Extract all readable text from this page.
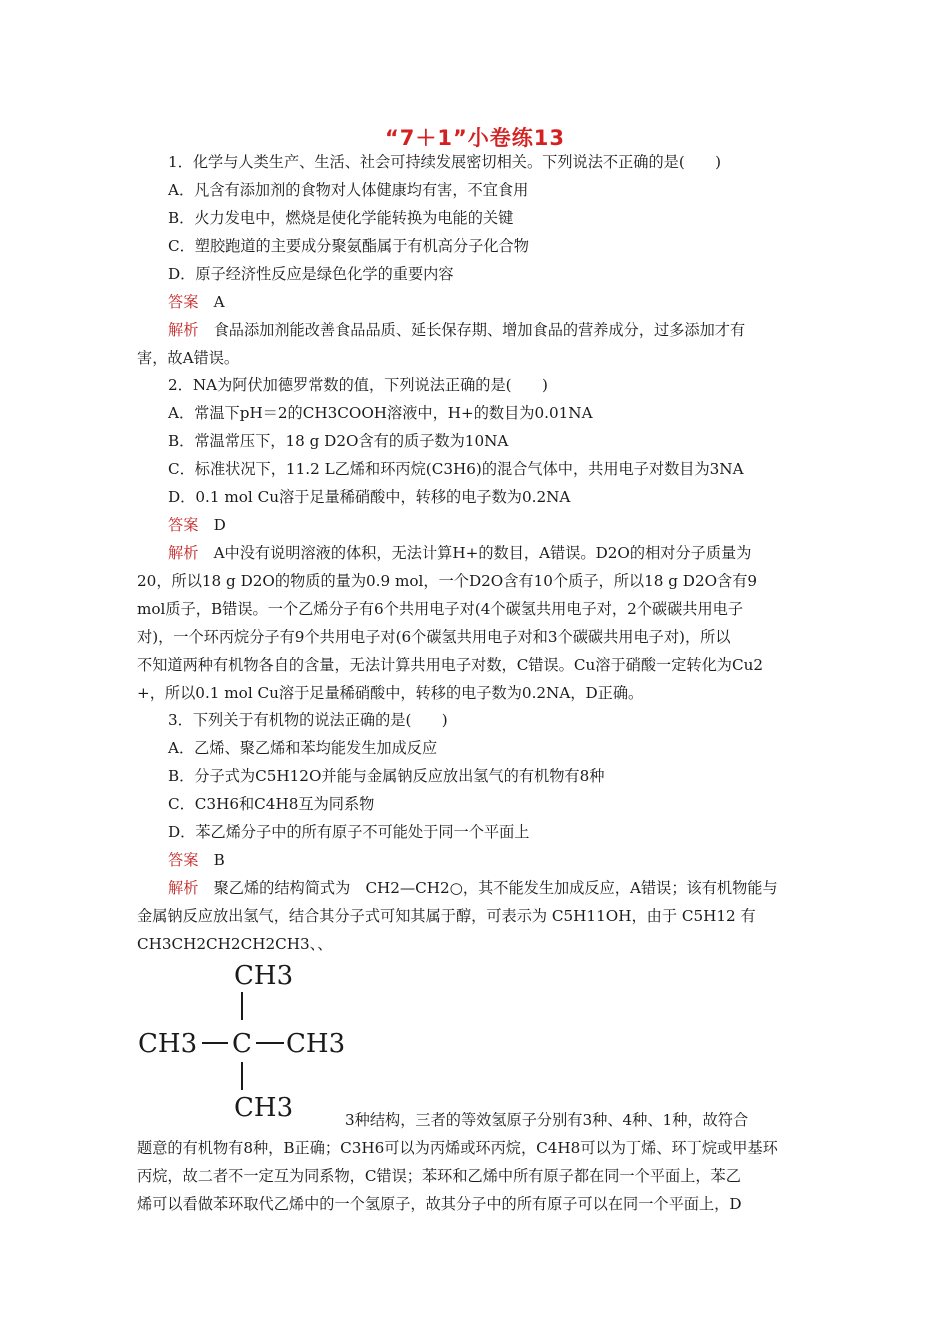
“7＋1”小卷练13
1．化学与人类生产、生活、社会可持续发展密切相关。下列说法不正确的是(　　)
A．凡含有添加剂的食物对人体健康均有害，不宜食用
B．火力发电中，燃烧是使化学能转换为电能的关键
C．塑胶跑道的主要成分聚氨酯属于有机高分子化合物
D．原子经济性反应是绿色化学的重要内容
答案　 A
解析　 食品添加剂能改善食品品质、延长保存期、增加食品的营养成分，过多添加才有
害，故A错误。
2．NA为阿伏加德罗常数的值，下列说法正确的是(　　)
A．常温下pH＝2的CH3COOH溶液中，H+的数目为0.01NA
B．常温常压下，18 g D2O含有的质子数为10NA
C．标准状况下，11.2 L乙烯和环丙烷(C3H6)的混合气体中，共用电子对数目为3NA
D．0.1 mol Cu溶于足量稀硝酸中，转移的电子数为0.2NA
答案　 D
解析　 A中没有说明溶液的体积，无法计算H+的数目，A错误。D2O的相对分子质量为
20，所以18 g D2O的物质的量为0.9 mol，一个D2O含有10个质子，所以18 g D2O含有9
mol质子，B错误。一个乙烯分子有6个共用电子对(4个碳氢共用电子对，2个碳碳共用电子
对)，一个环丙烷分子有9个共用电子对(6个碳氢共用电子对和3个碳碳共用电子对)，所以
不知道两种有机物各自的含量，无法计算共用电子对数，C错误。Cu溶于硝酸一定转化为Cu2
+，所以0.1 mol Cu溶于足量稀硝酸中，转移的电子数为0.2NA，D正确。
3．下列关于有机物的说法正确的是(　　)
A．乙烯、聚乙烯和苯均能发生加成反应
B．分子式为C5H12O并能与金属钠反应放出氢气的有机物有8种
C．C3H6和C4H8互为同系物
D．苯乙烯分子中的所有原子不可能处于同一个平面上
答案　 B
解析　 聚乙烯的结构简式为　CH2—CH2○，其不能发生加成反应，A错误；该有机物能与
金属钠反应放出氢气，结合其分子式可知其属于醇，可表示为 C5H11OH，由于 C5H12 有
CH3CH2CH2CH2CH3、、
CH3
CH3 C CH3
CH3	3种结构，三者的等效氢原子分别有3种、4种、1种，故符合
题意的有机物有8种，B正确；C3H6可以为丙烯或环丙烷，C4H8可以为丁烯、环丁烷或甲基环
丙烷，故二者不一定互为同系物，C错误；苯环和乙烯中所有原子都在同一个平面上，苯乙
烯可以看做苯环取代乙烯中的一个氢原子，故其分子中的所有原子可以在同一个平面上，D
